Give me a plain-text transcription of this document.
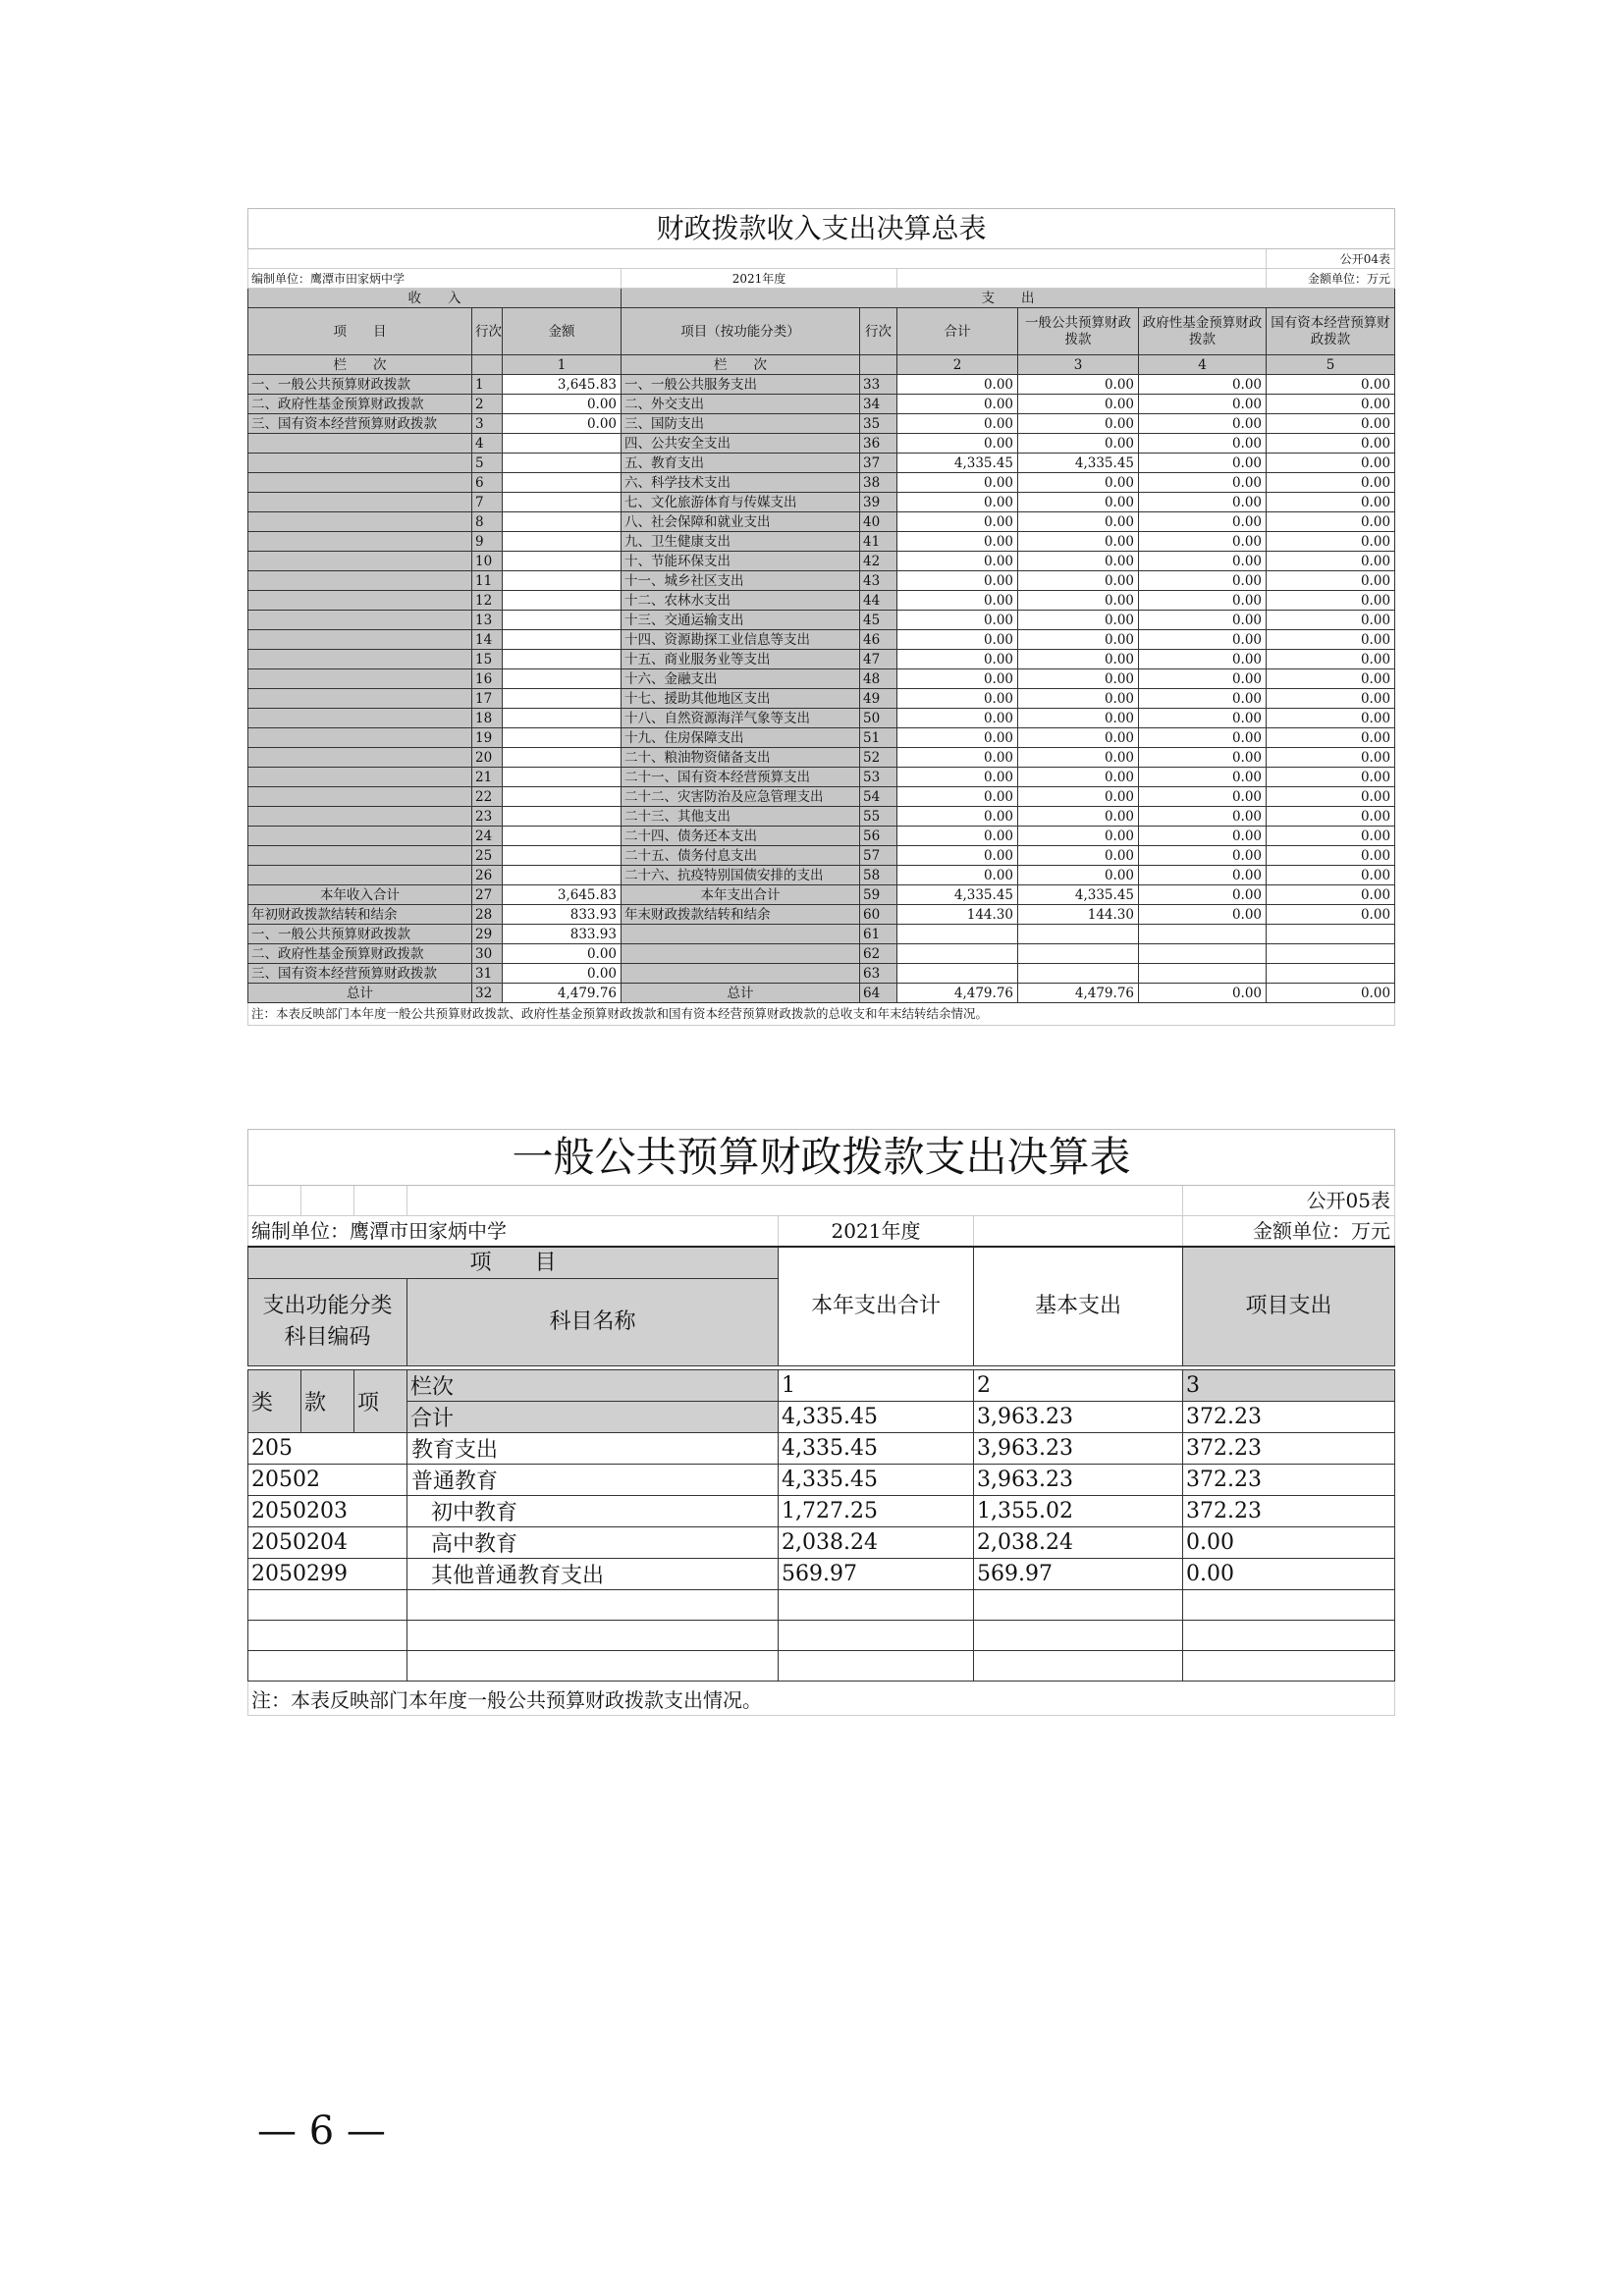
财政拨款收入支出决算总表								
								公开04表
编制单位：鹰潭市田家炳中学			2021年度					金额单位：万元
收　　入			支　　出					
项　　目	行次	金额	项目（按功能分类）	行次	合计	一般公共预算财政拨款	政府性基金预算财政拨款	国有资本经营预算财政拨款
栏　　次		1	栏　　次		2	3	4	5
一、一般公共预算财政拨款	1	3,645.83	一、一般公共服务支出	33	0.00	0.00	0.00	0.00
二、政府性基金预算财政拨款	2	0.00	二、外交支出	34	0.00	0.00	0.00	0.00
三、国有资本经营预算财政拨款	3	0.00	三、国防支出	35	0.00	0.00	0.00	0.00
	4		四、公共安全支出	36	0.00	0.00	0.00	0.00
	5		五、教育支出	37	4,335.45	4,335.45	0.00	0.00
	6		六、科学技术支出	38	0.00	0.00	0.00	0.00
	7		七、文化旅游体育与传媒支出	39	0.00	0.00	0.00	0.00
	8		八、社会保障和就业支出	40	0.00	0.00	0.00	0.00
	9		九、卫生健康支出	41	0.00	0.00	0.00	0.00
	10		十、节能环保支出	42	0.00	0.00	0.00	0.00
	11		十一、城乡社区支出	43	0.00	0.00	0.00	0.00
	12		十二、农林水支出	44	0.00	0.00	0.00	0.00
	13		十三、交通运输支出	45	0.00	0.00	0.00	0.00
	14		十四、资源勘探工业信息等支出	46	0.00	0.00	0.00	0.00
	15		十五、商业服务业等支出	47	0.00	0.00	0.00	0.00
	16		十六、金融支出	48	0.00	0.00	0.00	0.00
	17		十七、援助其他地区支出	49	0.00	0.00	0.00	0.00
	18		十八、自然资源海洋气象等支出	50	0.00	0.00	0.00	0.00
	19		十九、住房保障支出	51	0.00	0.00	0.00	0.00
	20		二十、粮油物资储备支出	52	0.00	0.00	0.00	0.00
	21		二十一、国有资本经营预算支出	53	0.00	0.00	0.00	0.00
	22		二十二、灾害防治及应急管理支出	54	0.00	0.00	0.00	0.00
	23		二十三、其他支出	55	0.00	0.00	0.00	0.00
	24		二十四、债务还本支出	56	0.00	0.00	0.00	0.00
	25		二十五、债务付息支出	57	0.00	0.00	0.00	0.00
	26		二十六、抗疫特别国债安排的支出	58	0.00	0.00	0.00	0.00
本年收入合计	27	3,645.83	本年支出合计	59	4,335.45	4,335.45	0.00	0.00
年初财政拨款结转和结余	28	833.93	年末财政拨款结转和结余	60	144.30	144.30	0.00	0.00
一、一般公共预算财政拨款	29	833.93		61				
二、政府性基金预算财政拨款	30	0.00		62				
三、国有资本经营预算财政拨款	31	0.00		63				
总计	32	4,479.76	总计	64	4,479.76	4,479.76	0.00	0.00
注：本表反映部门本年度一般公共预算财政拨款、政府性基金预算财政拨款和国有资本经营预算财政拨款的总收支和年末结转结余情况。								
一般公共预算财政拨款支出决算表						
						公开05表
编制单位：鹰潭市田家炳中学				2021年度		金额单位：万元
项　　目				本年支出合计	基本支出	项目支出
支出功能分类科目编码			科目名称			
类	款	项	栏次	1	2	3
			合计	4,335.45	3,963.23	372.23
205			教育支出	4,335.45	3,963.23	372.23
20502			普通教育	4,335.45	3,963.23	372.23
2050203			初中教育	1,727.25	1,355.02	372.23
2050204			高中教育	2,038.24	2,038.24	0.00
2050299			其他普通教育支出	569.97	569.97	0.00

注：本表反映部门本年度一般公共预算财政拨款支出情况。						
— 6 —
